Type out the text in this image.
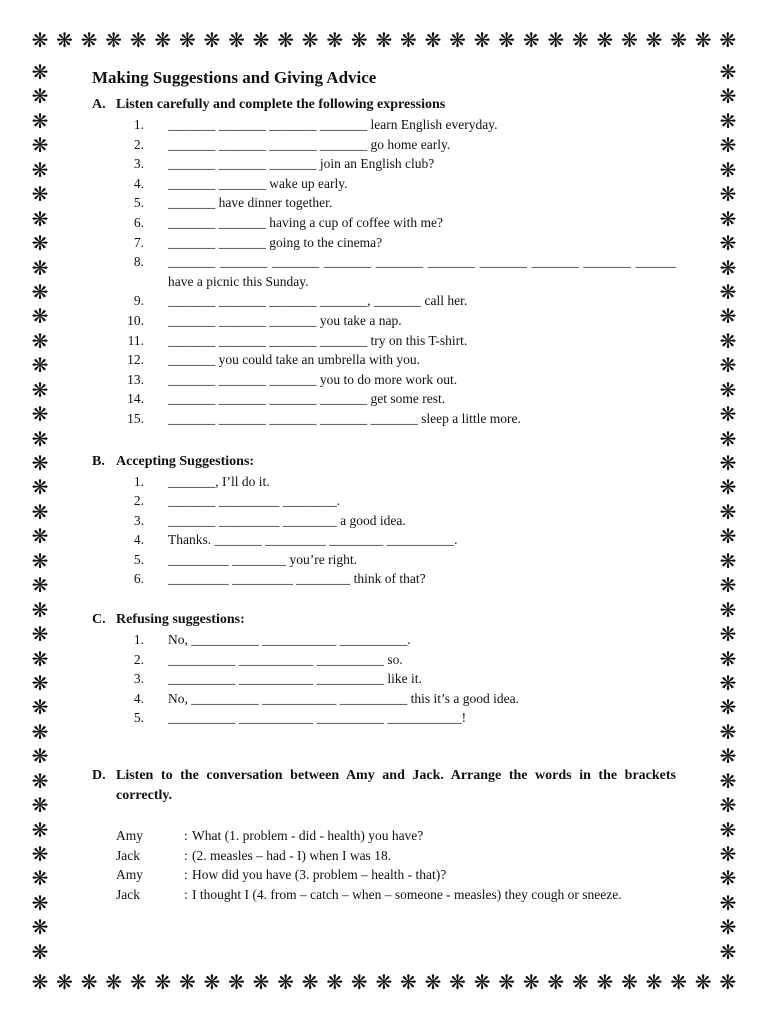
❋ ❋ ❋ ❋ ❋ ❋ ❋ ❋ ❋ ❋ ❋ ❋ ❋ ❋ ❋ ❋ ❋ ❋ ❋ ❋ ❋ ❋ ❋ ❋ ❋ ❋ ❋ ❋ ❋
❋ ❋ ❋ ❋ ❋ ❋ ❋ ❋ ❋ ❋ ❋ ❋ ❋ ❋ ❋ ❋ ❋ ❋ ❋ ❋ ❋ ❋ ❋ ❋ ❋ ❋ ❋ ❋ ❋
❋
❋
❋
❋
❋
❋
❋
❋
❋
❋
❋
❋
❋
❋
❋
❋
❋
❋
❋
❋
❋
❋
❋
❋
❋
❋
❋
❋
❋
❋
❋
❋
❋
❋
❋
❋
❋
❋
❋
❋
❋
❋
❋
❋
❋
❋
❋
❋
❋
❋
❋
❋
❋
❋
❋
❋
❋
❋
❋
❋
❋
❋
❋
❋
❋
❋
❋
❋
❋
❋
❋
❋
❋
❋
Making Suggestions and Giving Advice
A. Listen carefully and complete the following expressions
1.	_______ _______ _______ _______ learn English everyday.
2.	_______ _______ _______ _______ go home early.
3.	_______ _______ _______ join an English club?
4.	_______ _______ wake up early.
5.	_______ have dinner together.
6.	_______ _______ having a cup of coffee with me?
7.	_______ _______ going to the cinema?
8.	_______ _______ _______ _______ _______ _______ _______ _______ _______ ______ have a picnic this Sunday.
9.	_______ _______ _______ _______, _______ call her.
10.	_______ _______ _______ you take a nap.
11.	_______ _______ _______ _______ try on this T-shirt.
12.	_______ you could take an umbrella with you.
13.	_______ _______ _______ you to do more work out.
14.	_______ _______ _______ _______ get some rest.
15.	_______ _______ _______ _______ _______ sleep a little more.
B. Accepting Suggestions:
1.	_______, I’ll do it.
2.	_______ _________ ________.
3.	_______ _________ ________ a good idea.
4.	Thanks. _______ _________ ________ __________.
5.	_________ ________ you’re right.
6.	_________ _________ ________ think of that?
C. Refusing suggestions:
1.	No, __________ ___________ __________.
2.	__________ ___________ __________ so.
3.	__________ ___________ __________ like it.
4.	No, __________ ___________ __________ this it’s a good idea.
5.	__________ ___________ __________ ___________!
D. Listen to the conversation between Amy and Jack. Arrange the words in the brackets correctly.
Amy	: What (1. problem - did - health) you have?
Jack	: (2. measles – had - I) when I was 18.
Amy	: How did you have (3. problem – health - that)?
Jack	: I thought I (4. from – catch – when – someone - measles) they cough or sneeze.
